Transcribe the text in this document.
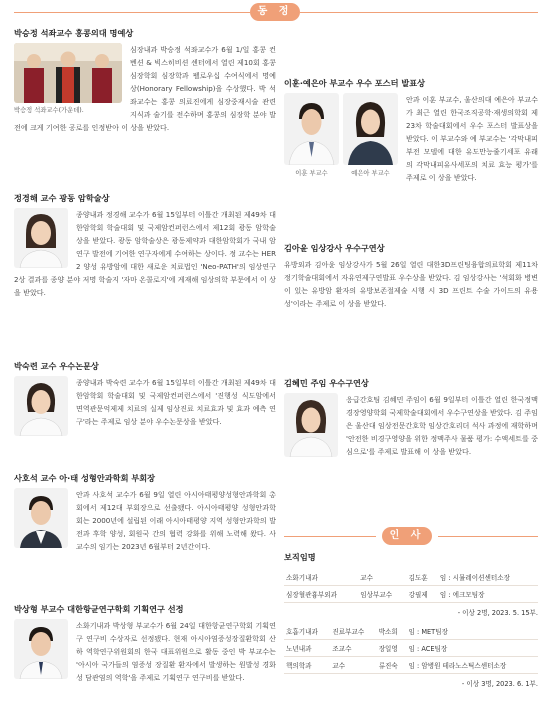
동 정
박승정 석좌교수 홍콩의대 명예상
박승정 석좌교수(가운데).
심장내과 박승정 석좌교수가 6월 1/일 홍콩 컨벤션 & 빅스히비션 센터에서 열린 제10회 홍콩심장학회 심장학과 펠로우십 수여식에서 명예상(Honorary Fellowship)을 수상했다. 박 석좌교수는 홍콩 의료진에게 심장중재시술 관련 지식과 술기를 전수하며 홍콩의 심장학 분야 발전에 크게 기여한 공로를 인정받아 이 상을 받았다.
정경해 교수 광동 암학술상
종양내과 정경해 교수가 6월 15일부터 이틀간 개최된 제49차 대한암학회 학술대회 및 국제암컨퍼런스에서 제12회 광동 암학술상을 받았다. 광동 암학술상은 광동제약과 대한암학회가 국내 암 연구 발전에 기여한 연구자에게 수여하는 상이다. 정 교수는 HER2 양성 유방암에 대한 새로운 치료법인 'Neo-PATH'의 임상연구 2상 결과를 종양 분야 저명 학술지 '자마 온콜로지'에 게재해 임상의학 부문에서 이 상을 받았다.
박숙련 교수 우수논문상
종양내과 박숙련 교수가 6월 15일부터 이틀간 개최된 제49차 대한암학회 학술대회 및 국제암컨퍼런스에서 '진행성 식도암에서 면역관문억제제 치료의 실제 임상진료 치료효과 및 효과 예측 연구'라는 주제로 임상 분야 우수논문상을 받았다.
사호석 교수 아·태 성형안과학회 부회장
안과 사호석 교수가 6월 9일 열린 아시아태평양성형안과학회 총회에서 제12대 부회장으로 선출됐다. 아시아태평양 성형안과학회는 2000년에 설립된 이래 아시아태평양 지역 성형안과학의 발전과 후학 양성, 회원국 간의 협력 강화를 위해 노력해 왔다. 사 교수의 임기는 2023년 6월부터 2년간이다.
박상형 부교수 대한항균연구학회 기획연구 선정
소화기내과 박상형 부교수가 6월 24일 대한항균연구학회 기획연구 연구비 수상자로 선정됐다. 현재 아시아염증성장질환학회 산하 역학연구위원회의 한국 대표위원으로 활동 중인 박 부교수는 '아시아 국가들의 염증성 장질환 환자에서 발생하는 원발성 경화성 담관염의 역학'을 주제로 기획연구 연구비를 받았다.
이훈·예은아 부교수 우수 포스터 발표상
이훈 부교수	예은아 부교수
안과 이훈 부교수, 울산의대 예은아 부교수가 최근 열린 한국조직공학·재생의학회 제23차 학술대회에서 우수 포스터 발표상을 받았다. 이 부교수와 예 부교수는 '각막내피부전 모델에 대한 유도만능줄기세포 유래의 각막내피유사세포의 치료 효능 평가'를 주제로 이 상을 받았다.
김아윤 임상강사 우수구연상
유방외과 김아윤 임상강사가 5월 26일 열린 대한3D프린팅융합의료학회 제11차 정기학술대회에서 자유연제구연발표 우수상을 받았다. 김 임상강사는 '석회화 병변이 있는 유방암 환자의 유방보존절제술 시행 시 3D 프린트 수술 가이드의 유용성'이라는 주제로 이 상을 받았다.
김혜민 주임 우수구연상
응급간호팀 김혜민 주임이 6월 9일부터 이틀간 열린 한국정맥경장영양학회 국제학술대회에서 우수구연상을 받았다. 김 주임은 울산대 임상전문간호학 임상간호리더 석사 과정에 재학하며 '안전한 비경구영양을 위한 정맥주사 물품 평가: 수액세트를 중심으로'를 주제로 발표해 이 상을 받았다.
인 사
보직임명
소화기내과	교수	김도훈	임 : 시뮬레이션센터소장
심장혈관흉부외과	임상부교수	강필제	임 : 에크모팀장
- 이상 2명, 2023. 5. 15부.
호흡기내과	진료부교수	박소희	임 : MET팀장
노년내과	조교수	장일영	임 : ACE팀장
핵의학과	교수	류진숙	임 : 암병원 테라노스틱스센터소장
- 이상 3명, 2023. 6. 1부.
